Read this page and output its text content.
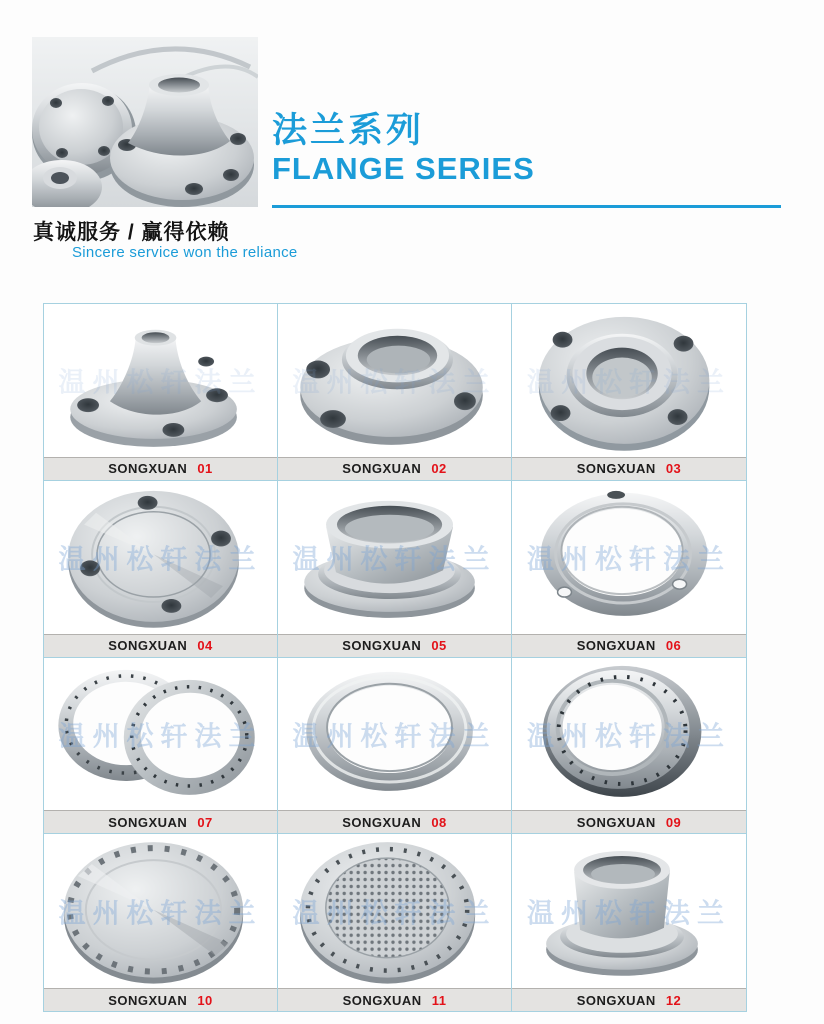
法兰系列
FLANGE SERIES
真诚服务 / 赢得依赖
Sincere service won the reliance
SONGXUAN 01	SONGXUAN 02	SONGXUAN 03
温州松轩法兰
SONGXUAN 04
温州松轩法兰
SONGXUAN 05
温州松轩法兰
SONGXUAN 06
温州松轩法兰
SONGXUAN 07
温州松轩法兰
SONGXUAN 08
温州松轩法兰
SONGXUAN 09
温州松轩法兰
SONGXUAN 10
温州松轩法兰
SONGXUAN 11
温州松轩法兰
SONGXUAN 12
